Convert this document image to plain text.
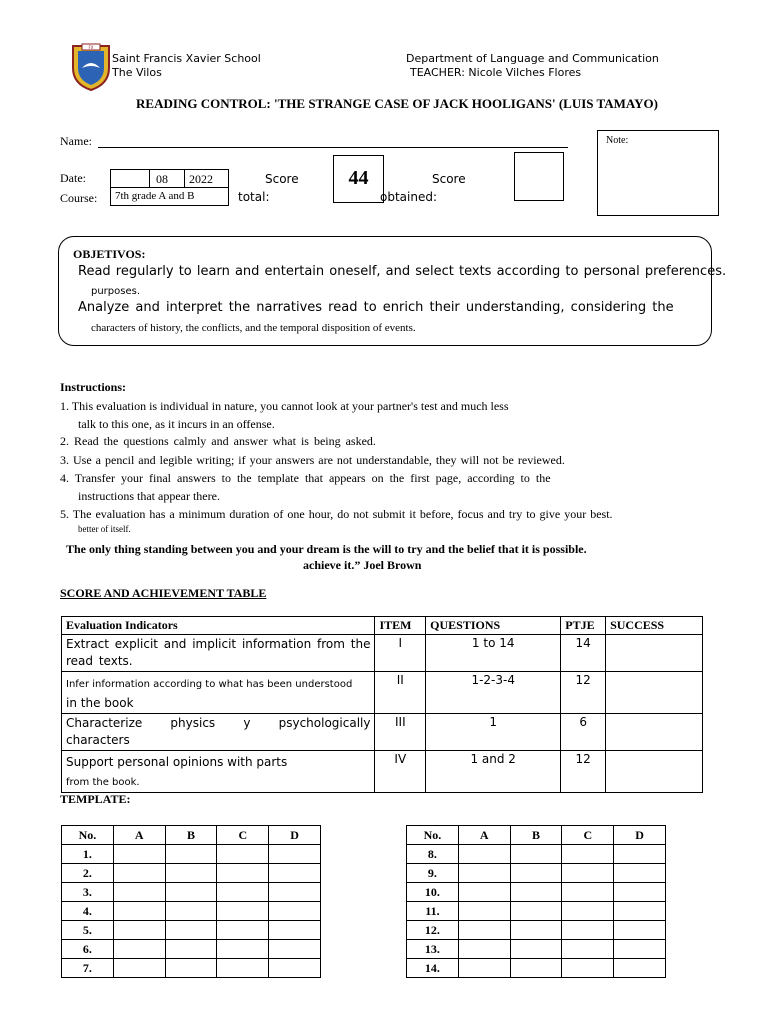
FX
Saint Francis Xavier School
The Vilos
Department of Language and Communication
TEACHER: Nicole Vilches Flores
READING CONTROL: 'THE STRANGE CASE OF JACK HOOLIGANS' (LUIS TAMAYO)
Name:
Date:	08	2022
Course:	7th grade A and B
Score
total:
44	Score
obtained:
Note:
OBJETIVOS:
Read regularly to learn and entertain oneself, and select texts according to personal preferences.
purposes.
Analyze and interpret the narratives read to enrich their understanding, considering the
characters of history, the conflicts, and the temporal disposition of events.
Instructions:
1. This evaluation is individual in nature, you cannot look at your partner's test and much less
talk to this one, as it incurs in an offense.
2. Read the questions calmly and answer what is being asked.
3. Use a pencil and legible writing; if your answers are not understandable, they will not be reviewed.
4. Transfer your final answers to the template that appears on the first page, according to the
instructions that appear there.
5. The evaluation has a minimum duration of one hour, do not submit it before, focus and try to give your best.
better of itself.
The only thing standing between you and your dream is the will to try and the belief that it is possible.
achieve it.” Joel Brown
SCORE AND ACHIEVEMENT TABLE
Evaluation Indicators	ITEM	QUESTIONS	PTJE	SUCCESS
Extract explicit and implicit information from the
read texts.	I	1 to 14	14	
Infer information according to what has been understood
in the book	II	1-2-3-4	12	
Characterize physics y psychologically
characters	III	1	6	
Support personal opinions with parts
from the book.	IV	1 and 2	12	
TEMPLATE:
No.	A	B	C	D
1.				
2.				
3.				
4.				
5.				
6.				
7.				
No.	A	B	C	D
8.				
9.				
10.				
11.				
12.				
13.				
14.				
